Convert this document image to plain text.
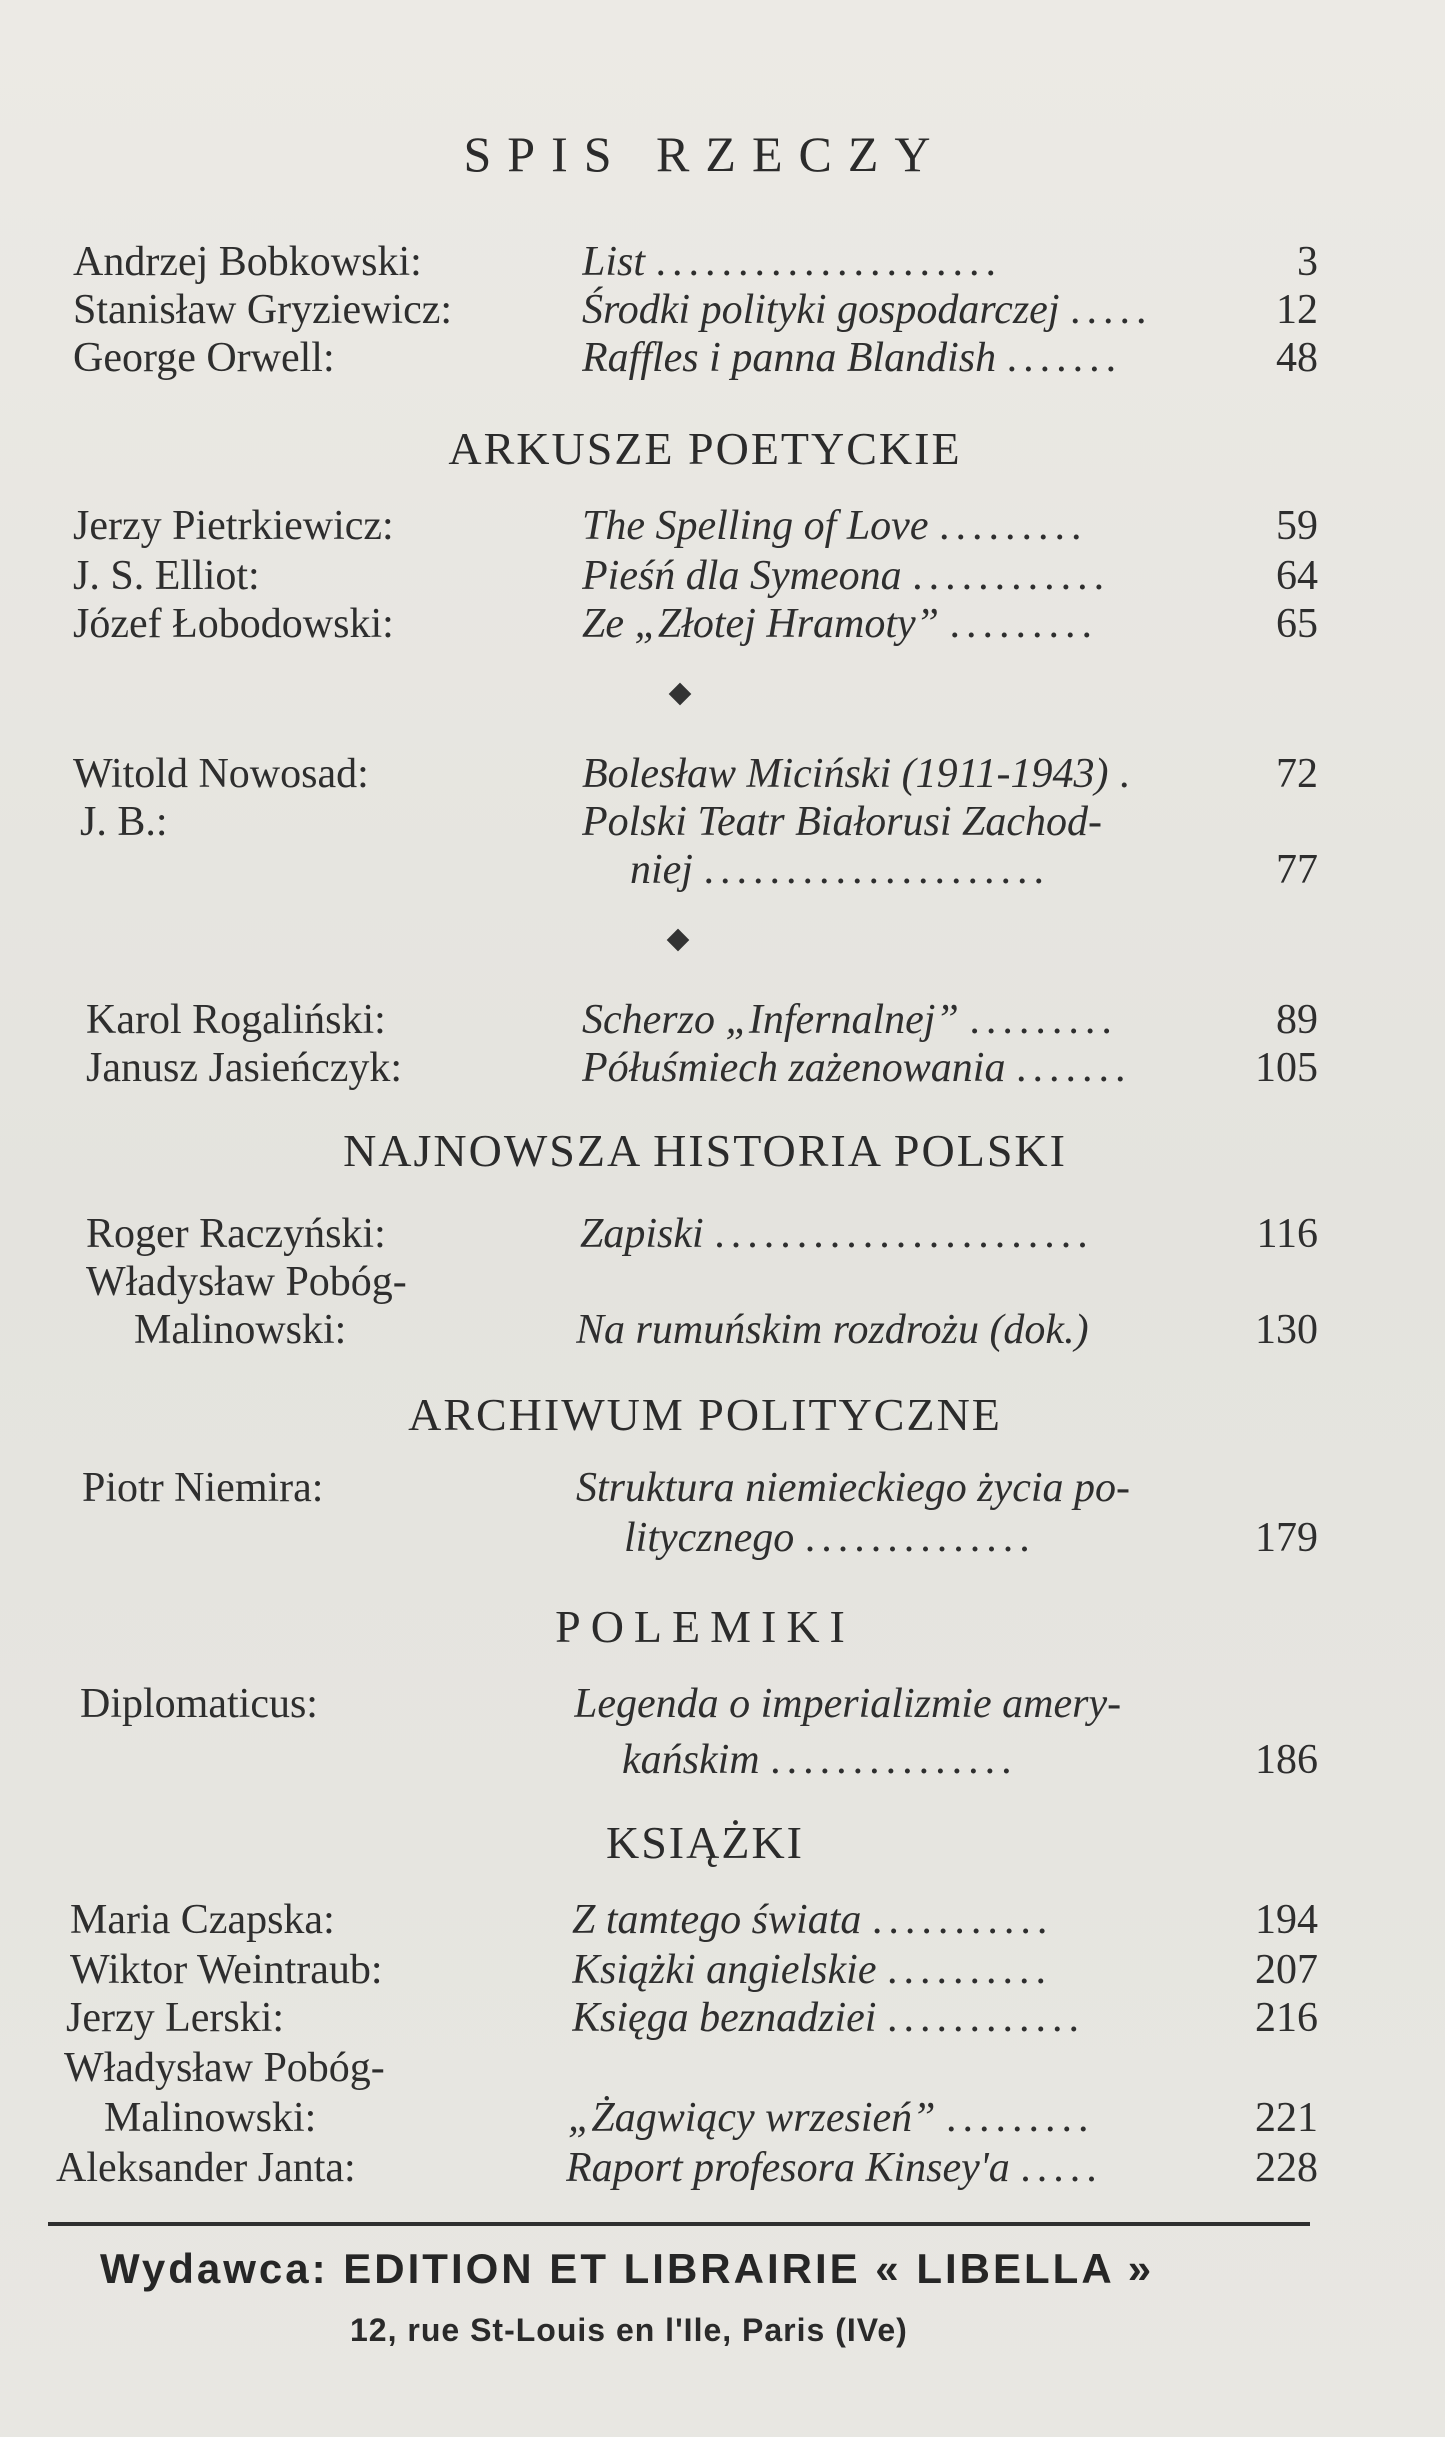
SPIS RZECZY
Andrzej Bobkowski:	List .....................	3
Stanisław Gryziewicz:	Środki polityki gospodarczej .....	12
George Orwell:	Raffles i panna Blandish .......	48
ARKUSZE POETYCKIE
Jerzy Pietrkiewicz:	The Spelling of Love .........	59
J. S. Elliot:	Pieśń dla Symeona ............	64
Józef Łobodowski:	Ze „Złotej Hramoty” .........	65
Witold Nowosad:	Bolesław Miciński (1911-1943) .	72
J. B.:	Polski Teatr Białorusi Zachod-
niej .....................	77
Karol Rogaliński:	Scherzo „Infernalnej” .........	89
Janusz Jasieńczyk:	Półuśmiech zażenowania .......	105
NAJNOWSZA HISTORIA POLSKI
Roger Raczyński:	Zapiski .......................	116
Władysław Pobóg-
Malinowski:	Na rumuńskim rozdrożu (dok.)	130
ARCHIWUM POLITYCZNE
Piotr Niemira:	Struktura niemieckiego życia po-
litycznego ..............	179
POLEMIKI
Diplomaticus:	Legenda o imperializmie amery-
kańskim ...............	186
KSIĄŻKI
Maria Czapska:	Z tamtego świata ...........	194
Wiktor Weintraub:	Książki angielskie ..........	207
Jerzy Lerski:	Księga beznadziei ............	216
Władysław Pobóg-
Malinowski:	„Żagwiący wrzesień” .........	221
Aleksander Janta:	Raport profesora Kinsey'a .....	228
Wydawca: EDITION ET LIBRAIRIE « LIBELLA »
12, rue St-Louis en l'Ile, Paris (IVe)
